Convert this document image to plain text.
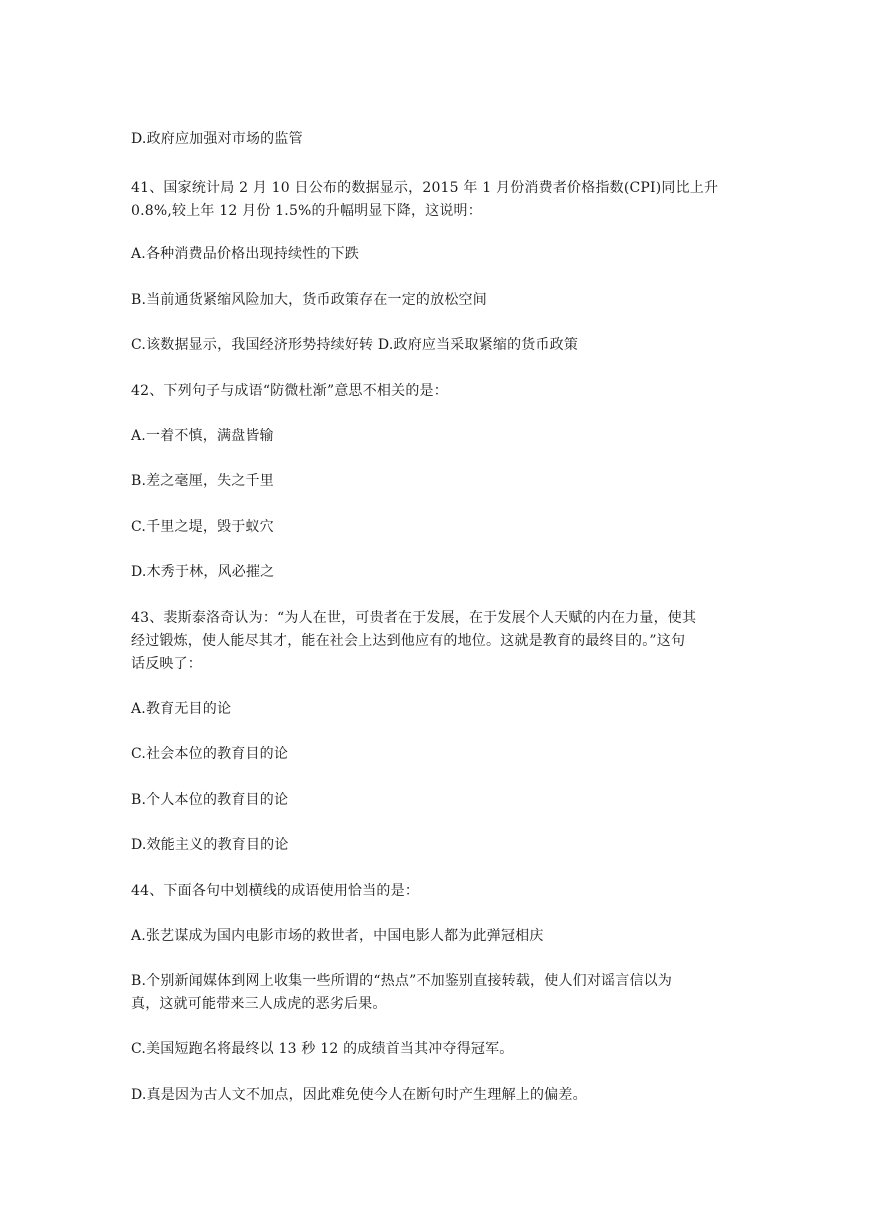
D.政府应加强对市场的监管
41、国家统计局 2 月 10 日公布的数据显示，2015 年 1 月份消费者价格指数(CPI)同比上升
0.8%,较上年 12 月份 1.5%的升幅明显下降，这说明：
A.各种消费品价格出现持续性的下跌
B.当前通货紧缩风险加大，货币政策存在一定的放松空间
C.该数据显示，我国经济形势持续好转 D.政府应当采取紧缩的货币政策
42、下列句子与成语“防微杜渐”意思不相关的是：
A.一着不慎，满盘皆输
B.差之毫厘，失之千里
C.千里之堤，毁于蚁穴
D.木秀于林，风必摧之
43、裴斯泰洛奇认为：“为人在世，可贵者在于发展，在于发展个人天赋的内在力量，使其
经过锻炼，使人能尽其才，能在社会上达到他应有的地位。这就是教育的最终目的。”这句
话反映了：
A.教育无目的论
C.社会本位的教育目的论
B.个人本位的教育目的论
D.效能主义的教育目的论
44、下面各句中划横线的成语使用恰当的是：
A.张艺谋成为国内电影市场的救世者，中国电影人都为此弹冠相庆
B.个别新闻媒体到网上收集一些所谓的“热点”不加鉴别直接转载，使人们对谣言信以为
真，这就可能带来三人成虎的恶劣后果。
C.美国短跑名将最终以 13 秒 12 的成绩首当其冲夺得冠军。
D.真是因为古人文不加点，因此难免使今人在断句时产生理解上的偏差。
